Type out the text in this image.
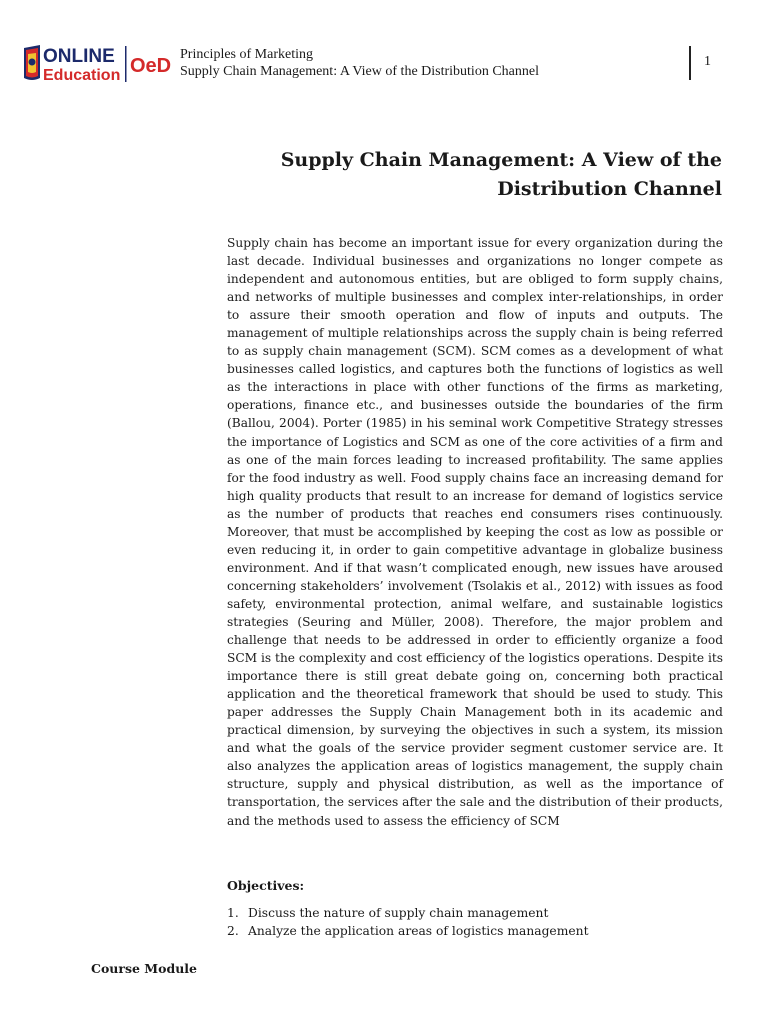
ONLINE
Education OeD
Principles of Marketing
Supply Chain Management: A View of the Distribution Channel
1
Supply Chain Management: A View of the
Distribution Channel
Supply chain has become an important issue for every organization during the last decade. Individual businesses and organizations no longer compete as independent and autonomous entities, but are obliged to form supply chains, and networks of multiple businesses and complex inter-relationships, in order to assure their smooth operation and flow of inputs and outputs. The management of multiple relationships across the supply chain is being referred to as supply chain management (SCM). SCM comes as a development of what businesses called logistics, and captures both the functions of logistics as well as the interactions in place with other functions of the firms as marketing, operations, finance etc., and businesses outside the boundaries of the firm (Ballou, 2004). Porter (1985) in his seminal work Competitive Strategy stresses the importance of Logistics and SCM as one of the core activities of a firm and as one of the main forces leading to increased profitability. The same applies for the food industry as well. Food supply chains face an increasing demand for high quality products that result to an increase for demand of logistics service as the number of products that reaches end consumers rises continuously. Moreover, that must be accomplished by keeping the cost as low as possible or even reducing it, in order to gain competitive advantage in globalize business environment. And if that wasn’t complicated enough, new issues have aroused concerning stakeholders’ involvement (Tsolakis et al., 2012) with issues as food safety, environmental protection, animal welfare, and sustainable logistics strategies (Seuring and Müller, 2008). Therefore, the major problem and challenge that needs to be addressed in order to efficiently organize a food SCM is the complexity and cost efficiency of the logistics operations. Despite its importance there is still great debate going on, concerning both practical application and the theoretical framework that should be used to study. This paper addresses the Supply Chain Management both in its academic and practical dimension, by surveying the objectives in such a system, its mission and what the goals of the service provider segment customer service are. It also analyzes the application areas of logistics management, the supply chain structure, supply and physical distribution, as well as the importance of transportation, the services after the sale and the distribution of their products, and the methods used to assess the efficiency of SCM
Objectives:
1. Discuss the nature of supply chain management
2. Analyze the application areas of logistics management
Course Module
